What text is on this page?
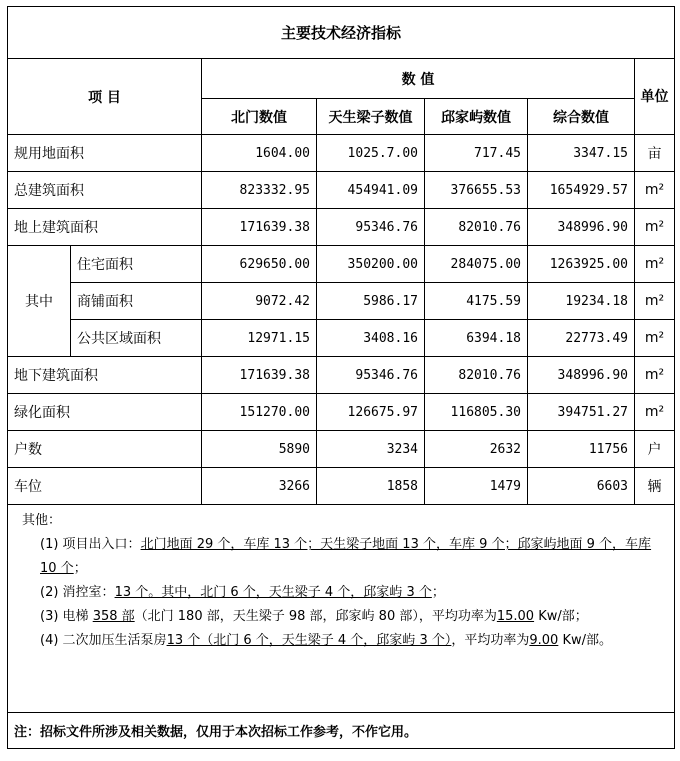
主要技术经济指标						
项 目		数 值				单位
		北门数值	天生梁子数值	邱家屿数值	综合数值	
规用地面积		1604.00	1025.7.00	717.45	3347.15	亩
总建筑面积		823332.95	454941.09	376655.53	1654929.57	m²
地上建筑面积		171639.38	95346.76	82010.76	348996.90	m²
其中	住宅面积	629650.00	350200.00	284075.00	1263925.00	m²
	商铺面积	9072.42	5986.17	4175.59	19234.18	m²
	公共区域面积	12971.15	3408.16	6394.18	22773.49	m²
地下建筑面积		171639.38	95346.76	82010.76	348996.90	m²
绿化面积		151270.00	126675.97	116805.30	394751.27	m²
户数		5890	3234	2632	11756	户
车位		3266	1858	1479	6603	辆

其他：

(1) 项目出入口：北门地面 29 个，车库 13 个；天生梁子地面 13 个，车库 9 个；邱家屿地面 9 个，车库 10 个；

(2) 消控室：13 个。其中，北门 6 个，天生梁子 4 个，邱家屿 3 个；

(3) 电梯 358 部（北门 180 部，天生梁子 98 部，邱家屿 80 部），平均功率为15.00 Kw/部；

(4) 二次加压生活泵房13 个（北门 6 个，天生梁子 4 个，邱家屿 3 个），平均功率为9.00 Kw/部。						

注：招标文件所涉及相关数据，仅用于本次招标工作参考，不作它用。						
